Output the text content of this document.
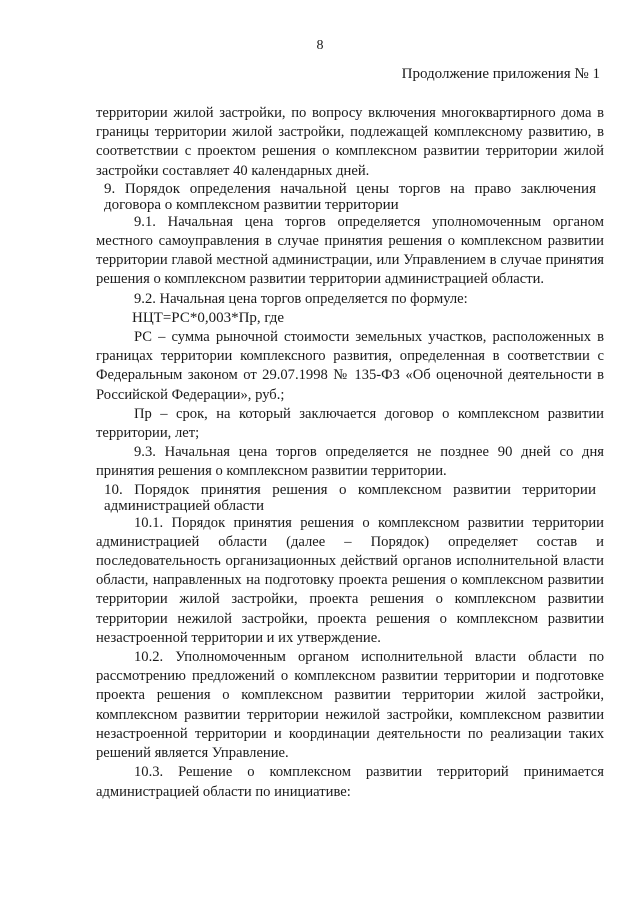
8
Продолжение приложения № 1

территории жилой застройки, по вопросу включения многоквартирного дома в границы территории жилой застройки, подлежащей комплексному развитию, в соответствии с проектом решения о комплексном развитии территории жилой застройки составляет 40 календарных дней.

9. Порядок определения начальной цены торгов на право заключения договора о комплексном развитии территории

9.1. Начальная цена торгов определяется уполномоченным органом местного самоуправления в случае принятия решения о комплексном развитии территории главой местной администрации, или Управлением в случае принятия решения о комплексном развитии территории администрацией области.

9.2. Начальная цена торгов определяется по формуле:

НЦТ=РС*0,003*Пр, где

РС – сумма рыночной стоимости земельных участков, расположенных в границах территории комплексного развития, определенная в соответствии с Федеральным законом от 29.07.1998 № 135-ФЗ «Об оценочной деятельности в Российской Федерации», руб.;

Пр – срок, на который заключается договор о комплексном развитии территории, лет;

9.3. Начальная цена торгов определяется не позднее 90 дней со дня принятия решения о комплексном развитии территории.

10. Порядок принятия решения о комплексном развитии территории администрацией области

10.1. Порядок принятия решения о комплексном развитии территории администрацией области (далее – Порядок) определяет состав и последовательность организационных действий органов исполнительной власти области, направленных на подготовку проекта решения о комплексном развитии территории жилой застройки, проекта решения о комплексном развитии территории нежилой застройки, проекта решения о комплексном развитии незастроенной территории и их утверждение.

10.2. Уполномоченным органом исполнительной власти области по рассмотрению предложений о комплексном развитии территории и подготовке проекта решения о комплексном развитии территории жилой застройки, комплексном развитии территории нежилой застройки, комплексном развитии незастроенной территории и координации деятельности по реализации таких решений является Управление.

10.3. Решение о комплексном развитии территорий принимается администрацией области по инициативе:
